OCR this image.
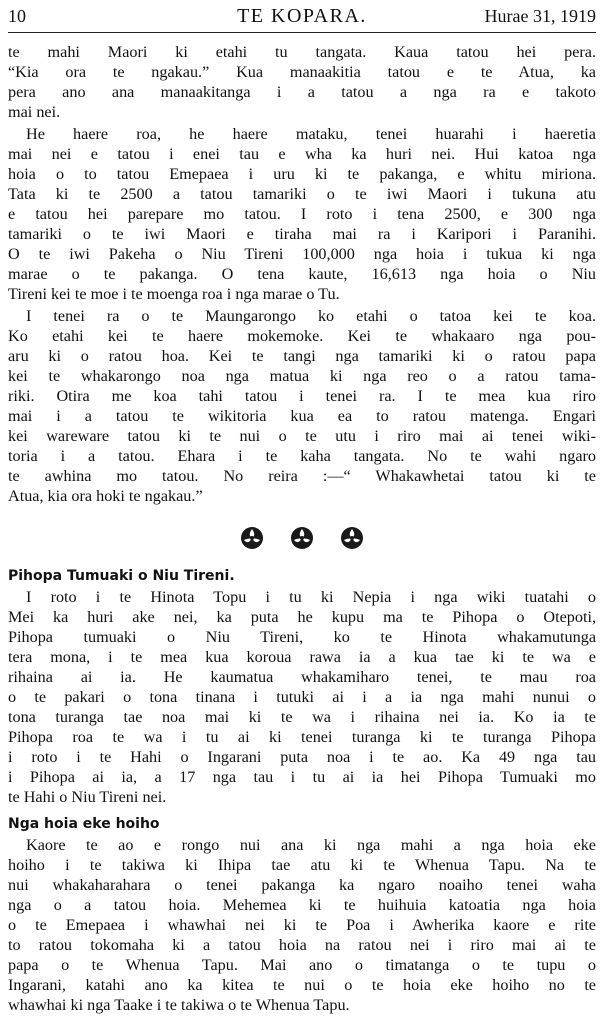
10	TE KOPARA.	Hurae 31, 1919
te mahi Maori ki etahi tu tangata. Kaua tatou hei pera.
“Kia ora te ngakau.” Kua manaakitia tatou e te Atua, ka
pera ano ana manaakitanga i a tatou a nga ra e takoto
mai nei.
He haere roa, he haere mataku, tenei huarahi i haeretia
mai nei e tatou i enei tau e wha ka huri nei. Hui katoa nga
hoia o to tatou Emepaea i uru ki te pakanga, e whitu miriona.
Tata ki te 2500 a tatou tamariki o te iwi Maori i tukuna atu
e tatou hei parepare mo tatou. I roto i tena 2500, e 300 nga
tamariki o te iwi Maori e tiraha mai ra i Karipori i Paranihi.
O te iwi Pakeha o Niu Tireni 100,000 nga hoia i tukua ki nga
marae o te pakanga. O tena kaute, 16,613 nga hoia o Niu
Tireni kei te moe i te moenga roa i nga marae o Tu.
I tenei ra o te Maungarongo ko etahi o tatoa kei te koa.
Ko etahi kei te haere mokemoke. Kei te whakaaro nga pou-
aru ki o ratou hoa. Kei te tangi nga tamariki ki o ratou papa
kei te whakarongo noa nga matua ki nga reo o a ratou tama-
riki. Otira me koa tahi tatou i tenei ra. I te mea kua riro
mai i a tatou te wikitoria kua ea to ratou matenga. Engari
kei wareware tatou ki te nui o te utu i riro mai ai tenei wiki-
toria i a tatou. Ehara i te kaha tangata. No te wahi ngaro
te awhina mo tatou. No reira :—“ Whakawhetai tatou ki te
Atua, kia ora hoki te ngakau.”

Pihopa Tumuaki o Niu Tireni.
I roto i te Hinota Topu i tu ki Nepia i nga wiki tuatahi o
Mei ka huri ake nei, ka puta he kupu ma te Pihopa o Otepoti,
Pihopa tumuaki o Niu Tireni, ko te Hinota whakamutunga
tera mona, i te mea kua koroua rawa ia a kua tae ki te wa e
rihaina ai ia. He kaumatua whakamiharo tenei, te mau roa
o te pakari o tona tinana i tutuki ai i a ia nga mahi nunui o
tona turanga tae noa mai ki te wa i rihaina nei ia. Ko ia te
Pihopa roa te wa i tu ai ki tenei turanga ki te turanga Pihopa
i roto i te Hahi o Ingarani puta noa i te ao. Ka 49 nga tau
i Pihopa ai ia, a 17 nga tau i tu ai ia hei Pihopa Tumuaki mo
te Hahi o Niu Tireni nei.
Nga hoia eke hoiho
Kaore te ao e rongo nui ana ki nga mahi a nga hoia eke
hoiho i te takiwa ki Ihipa tae atu ki te Whenua Tapu. Na te
nui whakaharahara o tenei pakanga ka ngaro noaiho tenei waha
nga o a tatou hoia. Mehemea ki te huihuia katoatia nga hoia
o te Emepaea i whawhai nei ki te Poa i Awherika kaore e rite
to ratou tokomaha ki a tatou hoia na ratou nei i riro mai ai te
papa o te Whenua Tapu. Mai ano o timatanga o te tupu o
Ingarani, katahi ano ka kitea te nui o te hoia eke hoiho no te
whawhai ki nga Taake i te takiwa o te Whenua Tapu.
